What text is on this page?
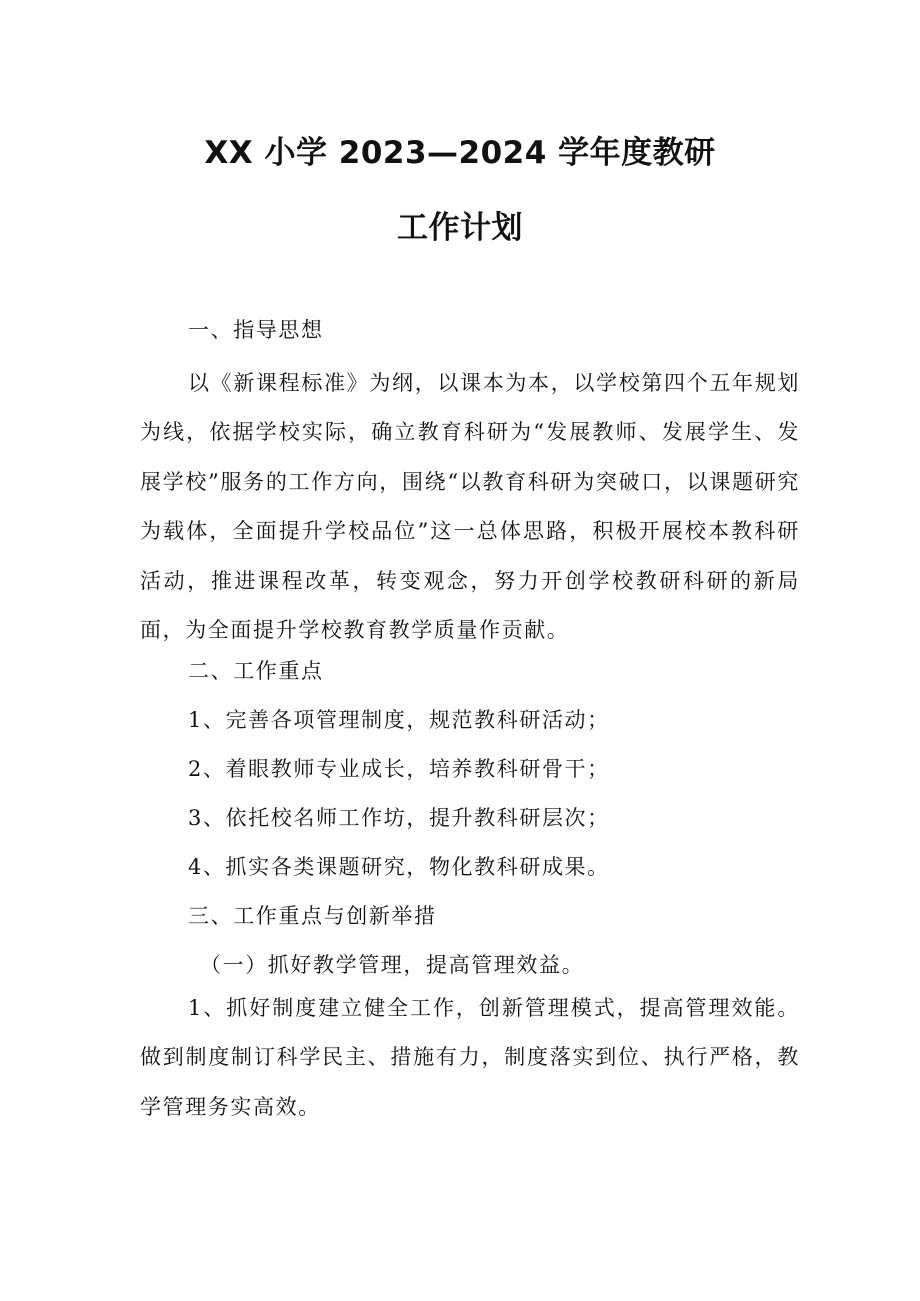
XX 小学 2023—2024 学年度教研
工作计划
一、指导思想

以《新课程标准》为纲，以课本为本，以学校第四个五年规划为线，依据学校实际，确立教育科研为“发展教师、发展学生、发展学校”服务的工作方向，围绕“以教育科研为突破口，以课题研究为载体，全面提升学校品位”这一总体思路，积极开展校本教科研活动，推进课程改革，转变观念，努力开创学校教研科研的新局面，为全面提升学校教育教学质量作贡献。

二、工作重点
1、完善各项管理制度，规范教科研活动；
2、着眼教师专业成长，培养教科研骨干；
3、依托校名师工作坊，提升教科研层次；
4、抓实各类课题研究，物化教科研成果。
三、工作重点与创新举措
（一）抓好教学管理，提高管理效益。

1、抓好制度建立健全工作，创新管理模式，提高管理效能。做到制度制订科学民主、措施有力，制度落实到位、执行严格，教学管理务实高效。
